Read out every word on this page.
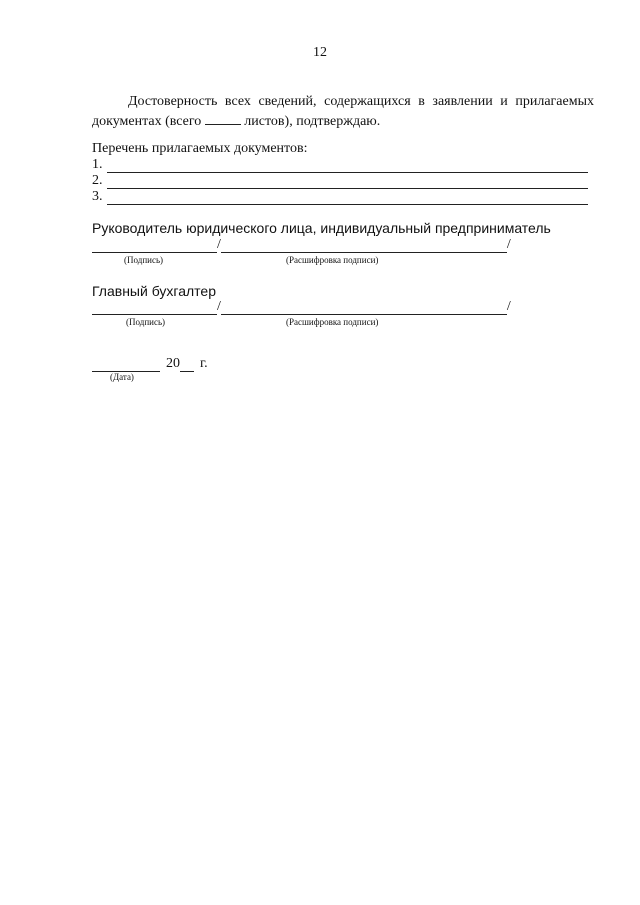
12
Достоверность всех сведений, содержащихся в заявлении и прилагаемых
документах (всего	листов), подтверждаю.
Перечень прилагаемых документов:
1.
2.
3.
Руководитель юридического лица, индивидуальный предприниматель
/	/
(Подпись)	(Расшифровка подписи)
Главный бухгалтер
/	/
(Подпись)	(Расшифровка подписи)
20 г.
(Дата)
